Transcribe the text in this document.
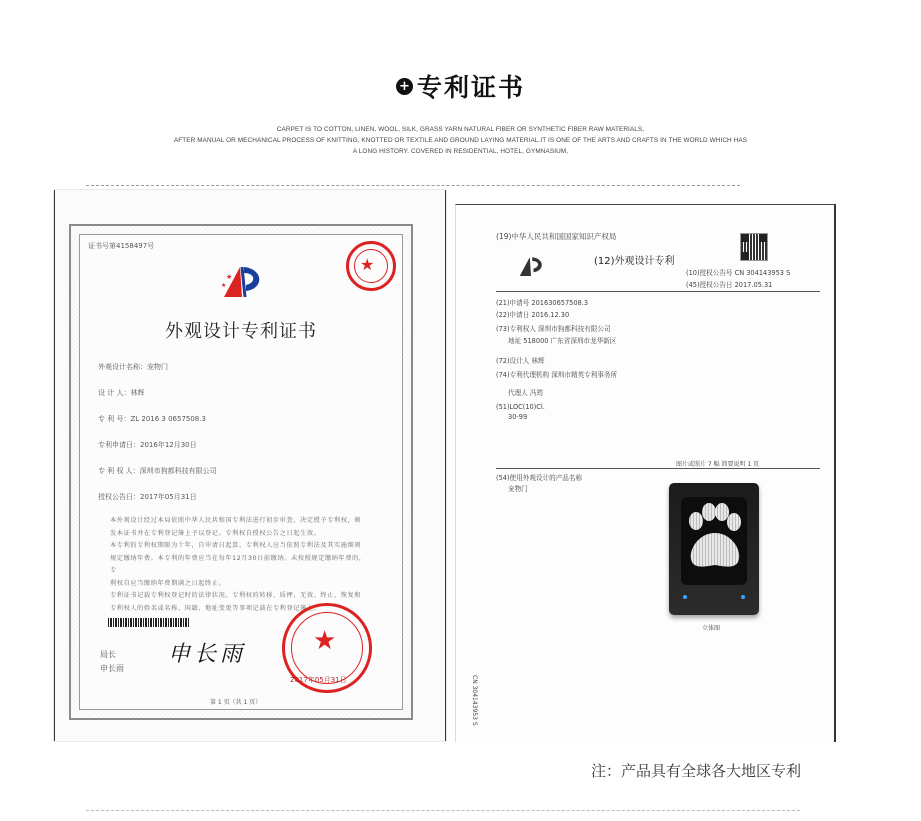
+ 专利证书
CARPET IS TO COTTON, LINEN, WOOL, SILK, GRASS YARN NATURAL FIBER OR SYNTHETIC FIBER RAW MATERIALS,
AFTER MANUAL OR MECHANICAL PROCESS OF KNITTING, KNOTTED OR TEXTILE AND GROUND LAYING MATERIAL.IT IS ONE OF THE ARTS AND CRAFTS IN THE WORLD WHICH HAS
A LONG HISTORY. COVERED IN RESIDENTIAL, HOTEL, GYMNASIUM,
证书号第4158497号
★
★
★
外观设计专利证书
外观设计名称：宠物门
设 计 人：林辉
专 利 号：ZL 2016 3 0657508.3
专利申请日：2016年12月30日
专 利 权 人：深圳市狗都科技有限公司
授权公告日：2017年05月31日
本外观设计经过本局依照中华人民共和国专利法进行初步审查，决定授予专利权，颁
发本证书并在专利登记簿上予以登记。专利权自授权公告之日起生效。
本专利的专利权期限为十年，自申请日起算。专利权人应当依照专利法及其实施细则
规定缴纳年费。本专利的年费应当在每年12月30日前缴纳。未按照规定缴纳年费的，专
利权自应当缴纳年费期满之日起终止。
专利证书记载专利权登记时的法律状况。专利权的转移、质押、无效、终止、恢复和
专利权人的姓名或名称、国籍、地址变更等事项记载在专利登记簿上。
局长
申长雨
申长雨	★
2017年05月31日
第 1 页（共 1 页）
(19)中华人民共和国国家知识产权局
(12)外观设计专利
(10)授权公告号 CN 304143953 S
(45)授权公告日 2017.05.31
(21)申请号 201630657508.3
(22)申请日 2016.12.30
(73)专利权人 深圳市狗都科技有限公司
地址 518000 广东省深圳市龙华新区
(72)设计人 林辉
(74)专利代理机构 深圳市精英专利事务所
代理人 冯筠
(51)LOC(10)Cl.
30-99
图片或照片 7 幅 简要说明 1 页
(54)使用外观设计的产品名称
宠物门
立体图
CN 304143953 S
注：产品具有全球各大地区专利
